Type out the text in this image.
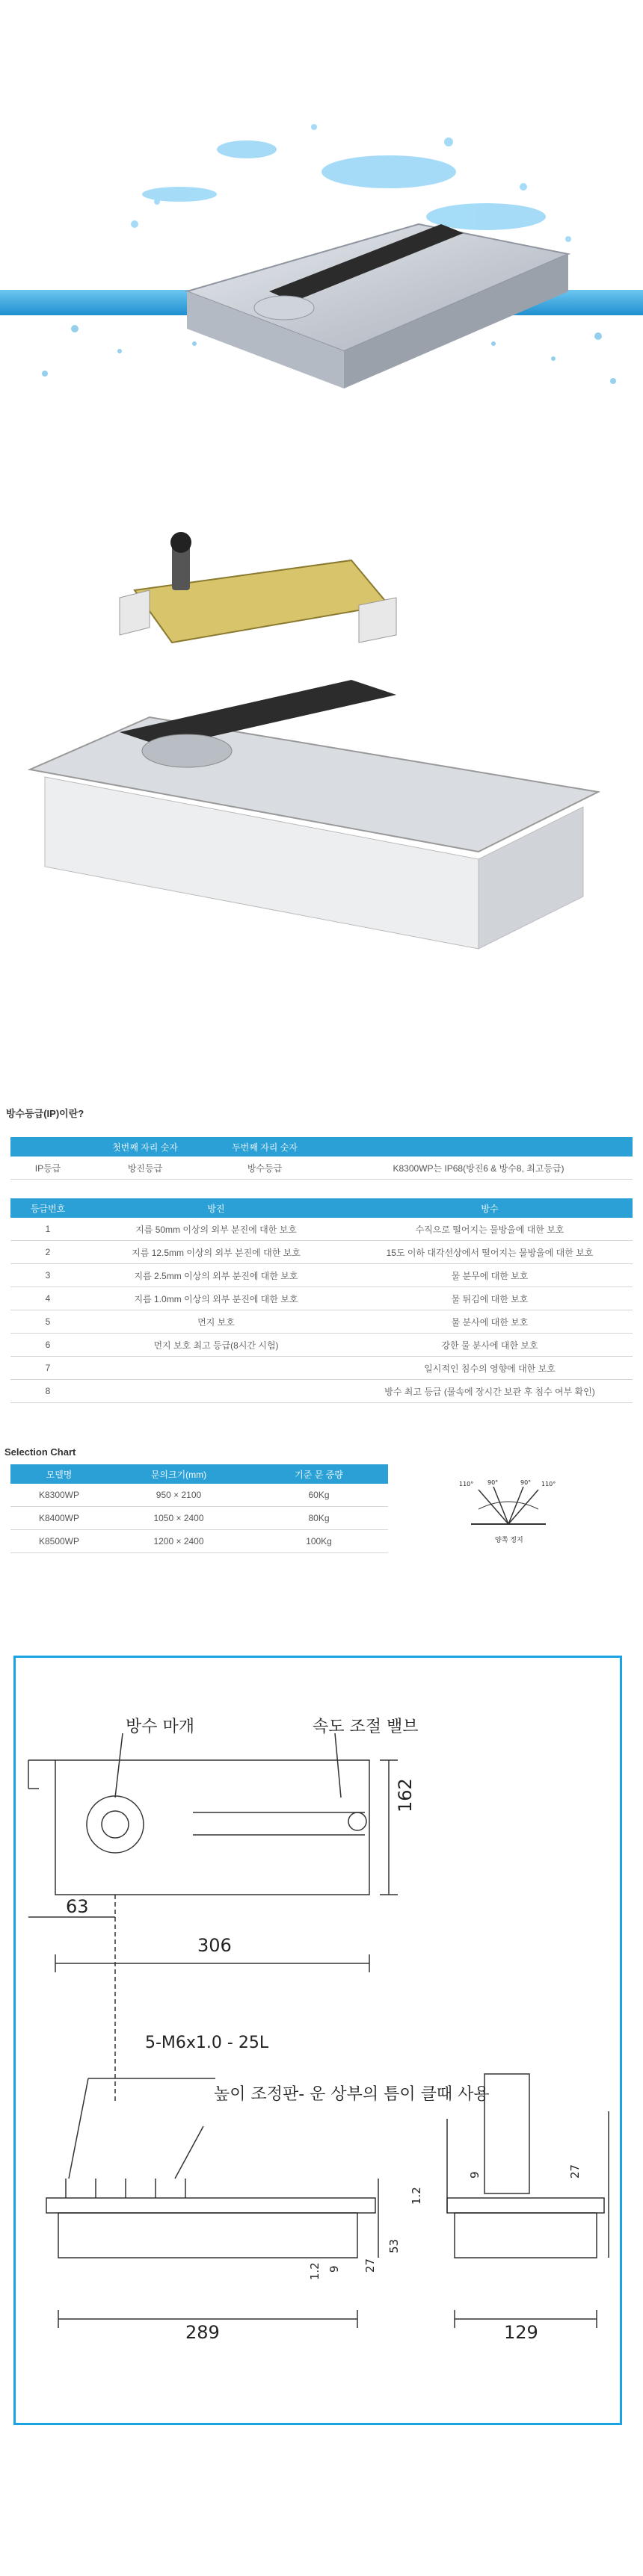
방수등급(IP)이란?
	첫번째 자리 숫자	두번째 자리 숫자	
IP등급	방진등급	방수등급	K8300WP는 IP68(방진6 & 방수8, 최고등급)
등급번호	방진	방수
1	지름 50mm 이상의 외부 분진에 대한 보호	수직으로 떨어지는 물방울에 대한 보호
2	지름 12.5mm 이상의 외부 분진에 대한 보호	15도 이하 대각선상에서 떨어지는 물방울에 대한 보호
3	지름 2.5mm 이상의 외부 분진에 대한 보호	물 분무에 대한 보호
4	지름 1.0mm 이상의 외부 분진에 대한 보호	물 튀김에 대한 보호
5	먼지 보호	물 분사에 대한 보호
6	먼지 보호 최고 등급(8시간 시험)	강한 물 분사에 대한 보호
7		일시적인 침수의 영향에 대한 보호
8		방수 최고 등급 (물속에 장시간 보관 후 침수 여부 확인)
Selection Chart
모델명	문의크기(mm)	기준 문 중량
K8300WP	950 × 2100	60Kg
K8400WP	1050 × 2400	80Kg
K8500WP	1200 × 2400	100Kg
110° 90°	90° 110°
양쪽 정지
방수 마개	속도 조절 밸브
162
63
306
5-M6x1.0 - 25L
높이 조정판- 운 상부의 틈이 클때 사용
1.2
9	27
53
1.2 9 27
289	129
